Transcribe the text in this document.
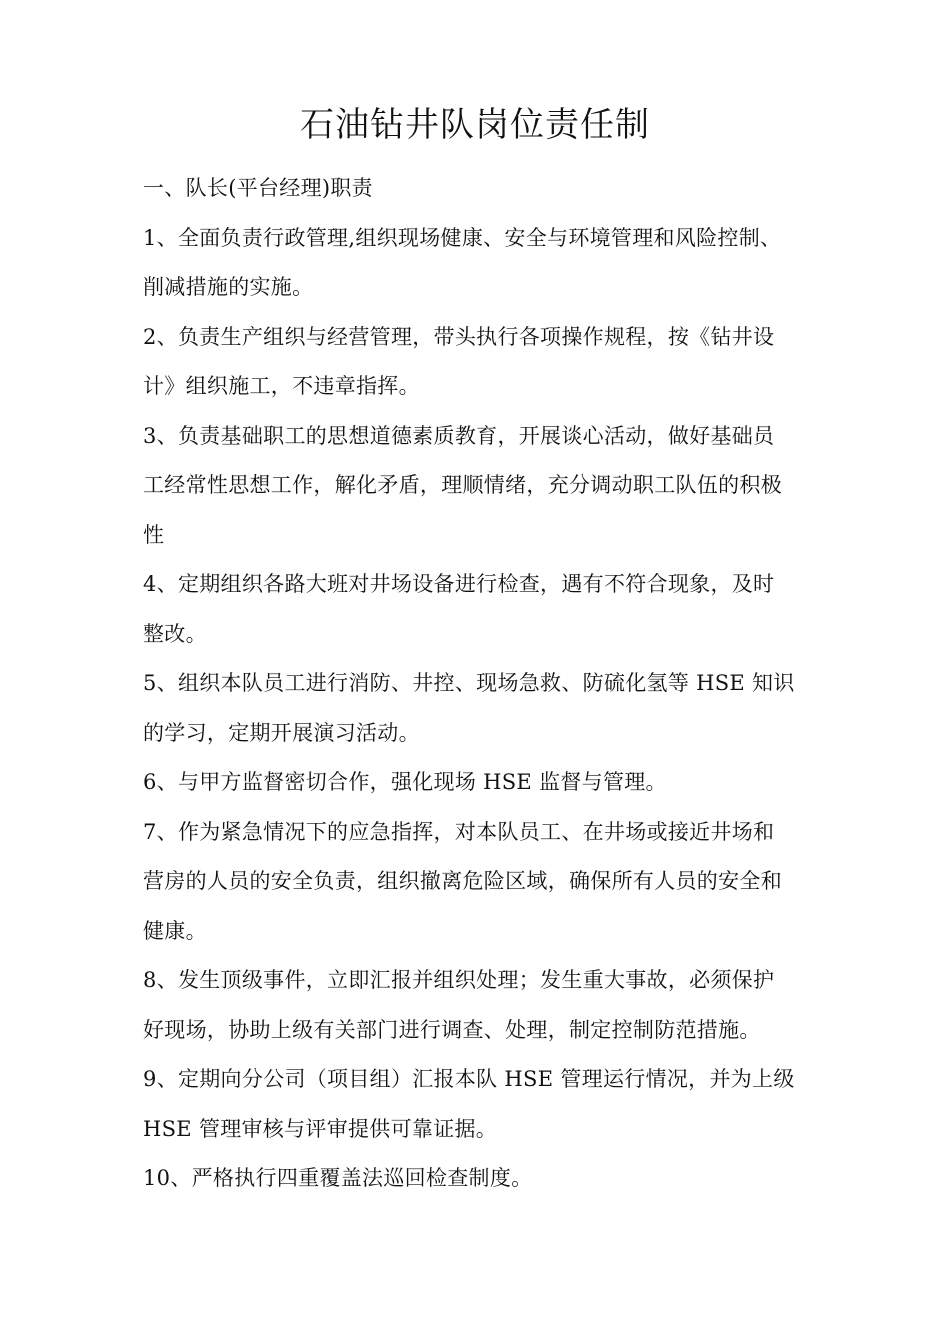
石油钻井队岗位责任制
一、队长(平台经理)职责
1、全面负责行政管理,组织现场健康、安全与环境管理和风险控制、
削减措施的实施。
2、负责生产组织与经营管理，带头执行各项操作规程，按《钻井设
计》组织施工，不违章指挥。
3、负责基础职工的思想道德素质教育，开展谈心活动，做好基础员
工经常性思想工作，解化矛盾，理顺情绪，充分调动职工队伍的积极
性
4、定期组织各路大班对井场设备进行检查，遇有不符合现象，及时
整改。
5、组织本队员工进行消防、井控、现场急救、防硫化氢等 HSE 知识
的学习，定期开展演习活动。
6、与甲方监督密切合作，强化现场 HSE 监督与管理。
7、作为紧急情况下的应急指挥，对本队员工、在井场或接近井场和
营房的人员的安全负责，组织撤离危险区域，确保所有人员的安全和
健康。
8、发生顶级事件，立即汇报并组织处理；发生重大事故，必须保护
好现场，协助上级有关部门进行调查、处理，制定控制防范措施。
9、定期向分公司（项目组）汇报本队 HSE 管理运行情况，并为上级
HSE 管理审核与评审提供可靠证据。
10、严格执行四重覆盖法巡回检查制度。
